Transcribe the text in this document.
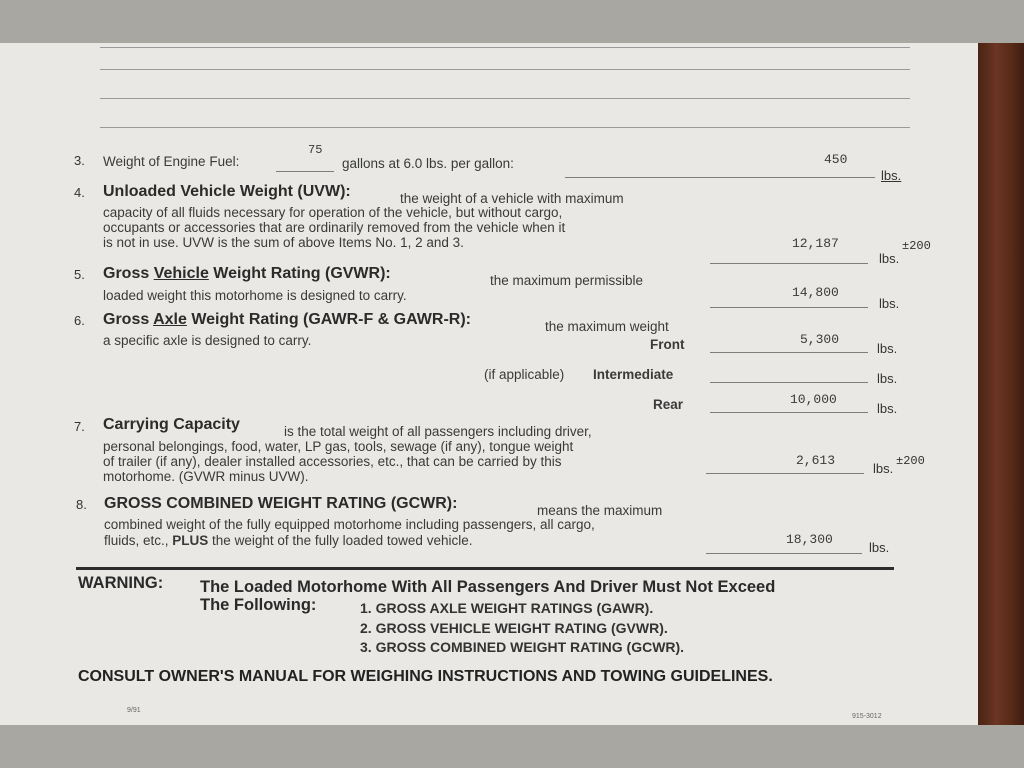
3. Weight of Engine Fuel:
75
gallons at 6.0 lbs. per gallon:	450
lbs.
4. Unloaded Vehicle Weight (UVW):	the weight of a vehicle with maximum
capacity of all fluids necessary for operation of the vehicle, but without cargo,
occupants or accessories that are ordinarily removed from the vehicle when it
is not in use. UVW is the sum of above Items No. 1, 2 and 3.	12,187
lbs.
±200
5. Gross Vehicle Weight Rating (GVWR):	the maximum permissible
loaded weight this motorhome is designed to carry.	14,800
lbs.
6. Gross Axle Weight Rating (GAWR-F & GAWR-R):	the maximum weight
a specific axle is designed to carry.	Front	5,300
lbs.
(if applicable) Intermediate	lbs.
Rear	10,000
lbs.
7. Carrying Capacity	is the total weight of all passengers including driver,
personal belongings, food, water, LP gas, tools, sewage (if any), tongue weight
of trailer (if any), dealer installed accessories, etc., that can be carried by this
motorhome. (GVWR minus UVW).
2,613
lbs. ±200
8. GROSS COMBINED WEIGHT RATING (GCWR):	means the maximum
combined weight of the fully equipped motorhome including passengers, all cargo,
fluids, etc., PLUS the weight of the fully loaded towed vehicle.	18,300
lbs.
WARNING: The Loaded Motorhome With All Passengers And Driver Must Not Exceed
The Following:	1. GROSS AXLE WEIGHT RATINGS (GAWR).
2. GROSS VEHICLE WEIGHT RATING (GVWR).
3. GROSS COMBINED WEIGHT RATING (GCWR).
CONSULT OWNER'S MANUAL FOR WEIGHING INSTRUCTIONS AND TOWING GUIDELINES.
9/91
915-3012
